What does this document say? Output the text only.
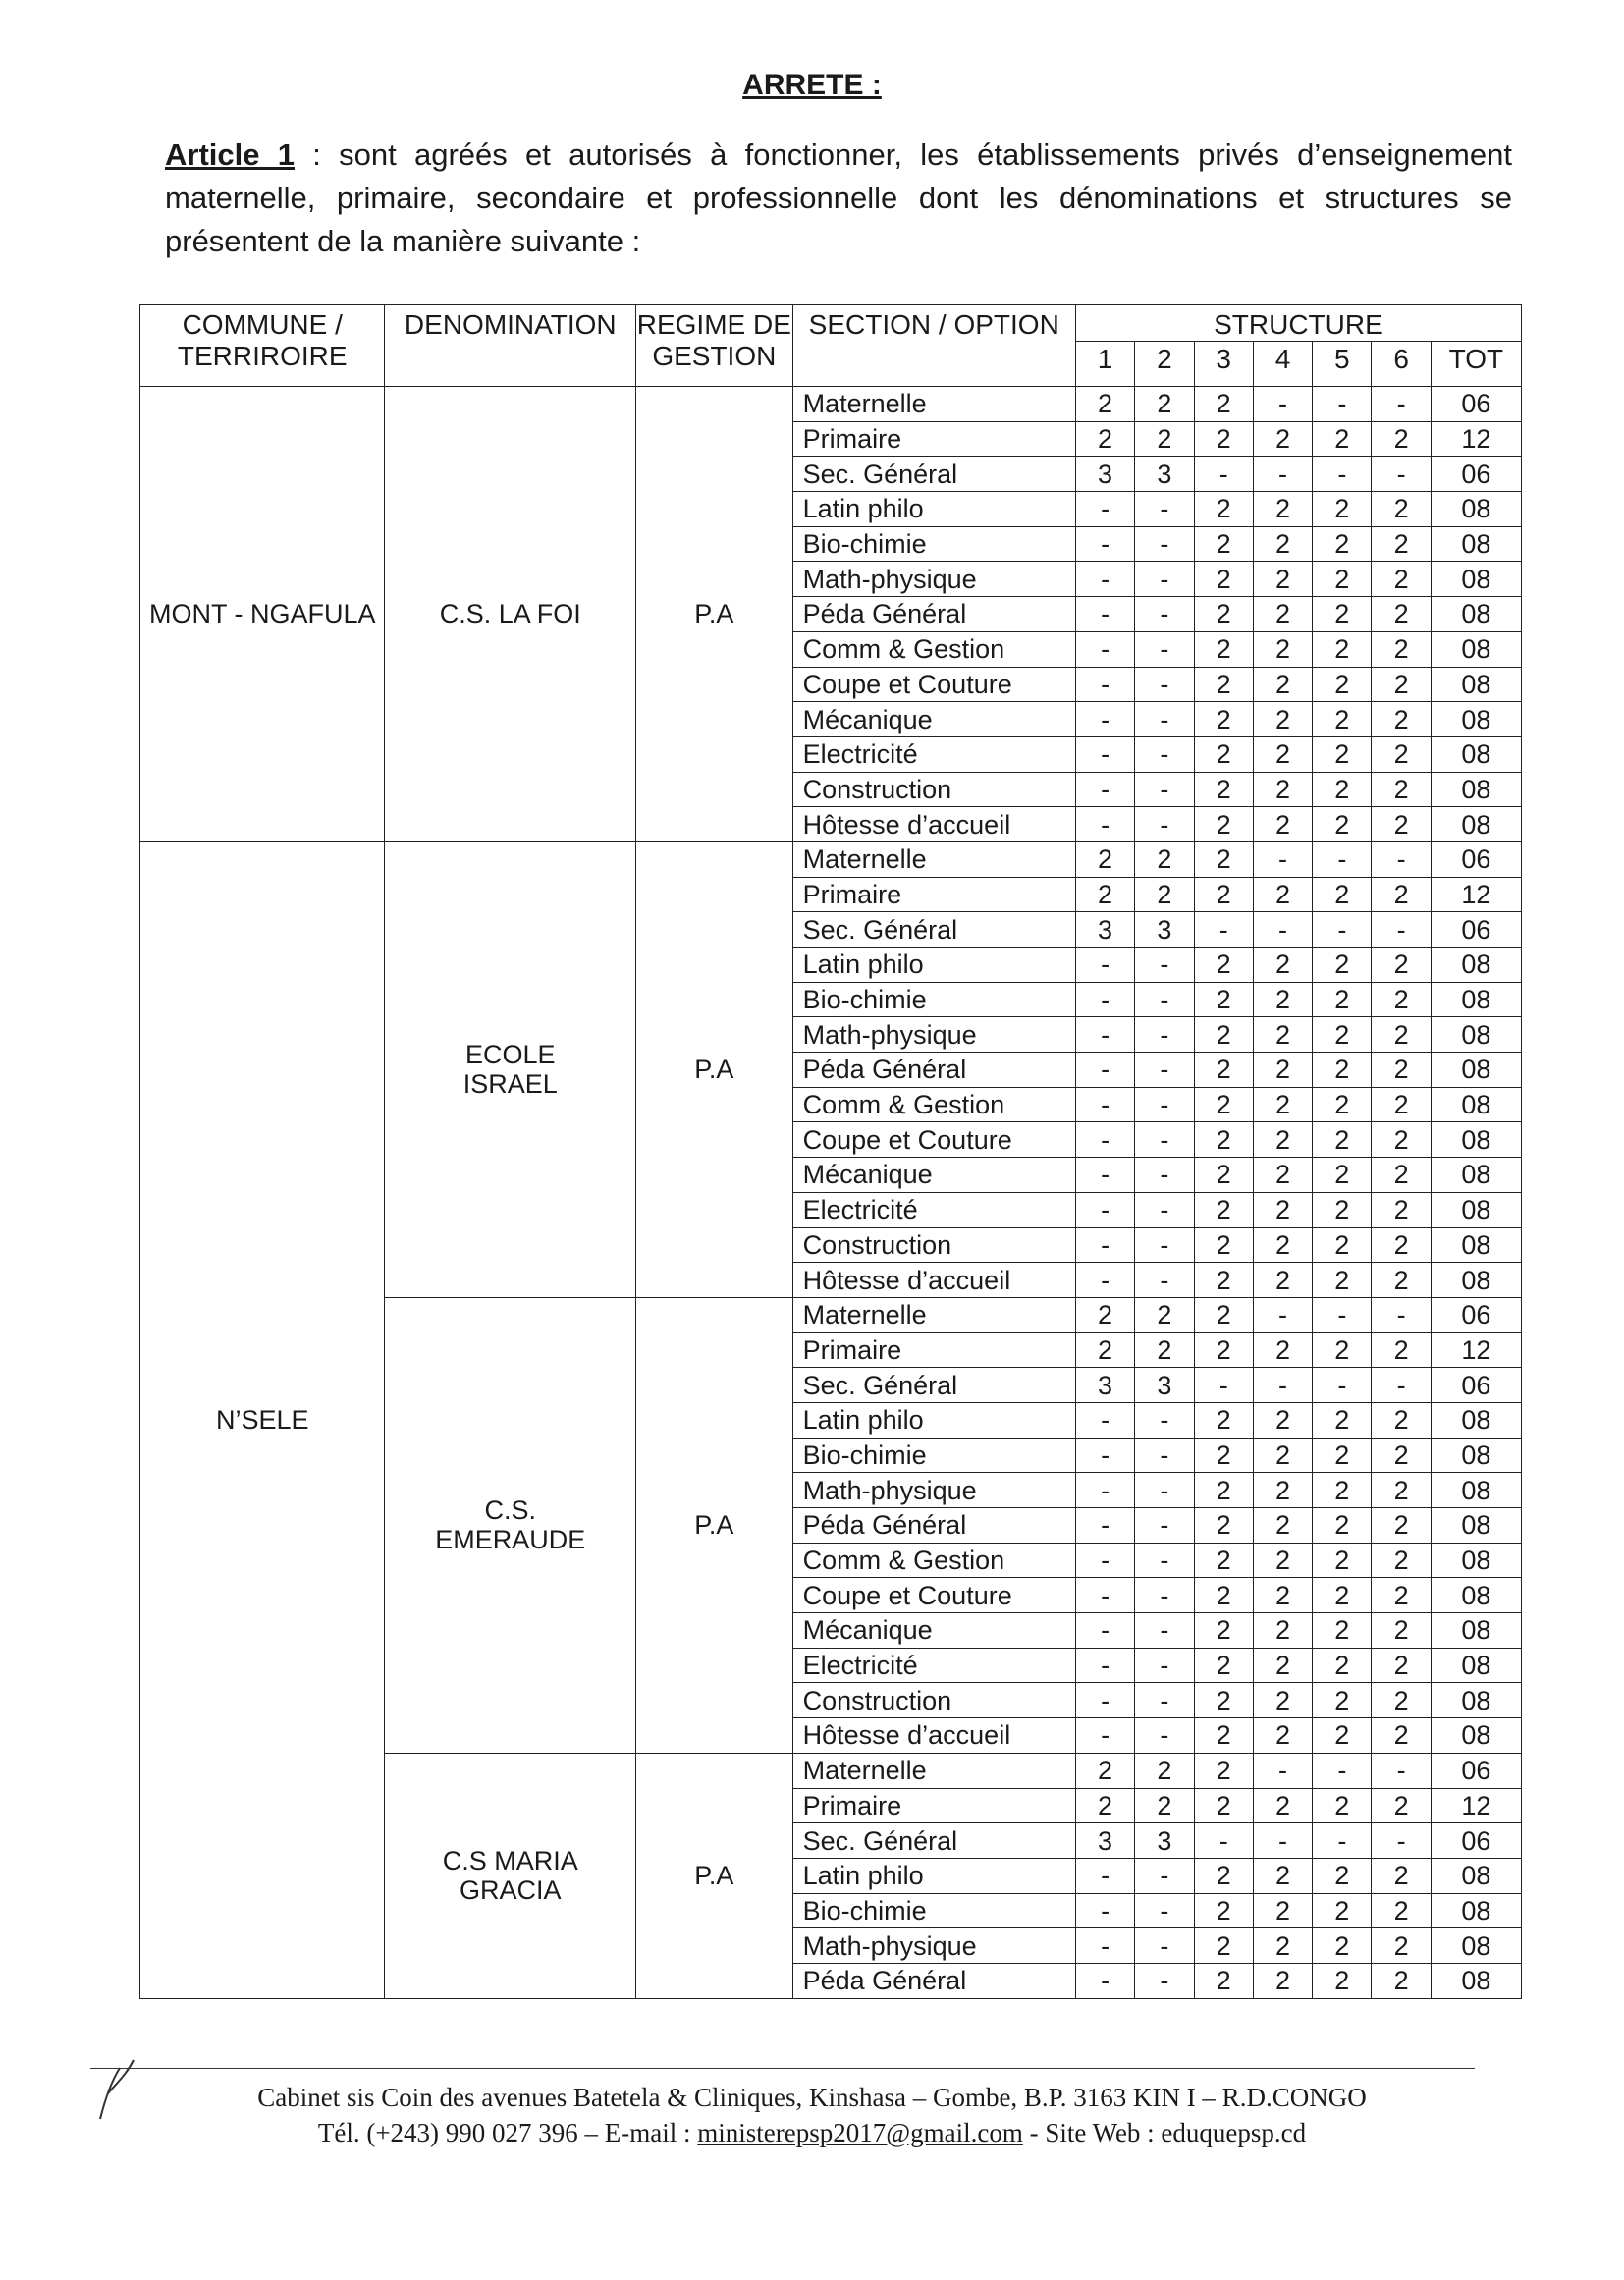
ARRETE :
Article 1 : sont agréés et autorisés à fonctionner, les établissements privés d’enseignement maternelle, primaire, secondaire et professionnelle dont les dénominations et structures se présentent de la manière suivante :
COMMUNE / TERRIROIRE	DENOMINATION	REGIME DE GESTION	SECTION / OPTION	STRUCTURE						
				1	2	3	4	5	6	TOT
MONT - NGAFULA	C.S. LA FOI	P.A	Maternelle	2	2	2	-	-	-	06
			Primaire	2	2	2	2	2	2	12
			Sec. Général	3	3	-	-	-	-	06
			Latin philo	-	-	2	2	2	2	08
			Bio-chimie	-	-	2	2	2	2	08
			Math-physique	-	-	2	2	2	2	08
			Péda Général	-	-	2	2	2	2	08
			Comm & Gestion	-	-	2	2	2	2	08
			Coupe et Couture	-	-	2	2	2	2	08
			Mécanique	-	-	2	2	2	2	08
			Electricité	-	-	2	2	2	2	08
			Construction	-	-	2	2	2	2	08
			Hôtesse d’accueil	-	-	2	2	2	2	08
N’SELE	ECOLE ISRAEL	P.A	Maternelle	2	2	2	-	-	-	06
			Primaire	2	2	2	2	2	2	12
			Sec. Général	3	3	-	-	-	-	06
			Latin philo	-	-	2	2	2	2	08
			Bio-chimie	-	-	2	2	2	2	08
			Math-physique	-	-	2	2	2	2	08
			Péda Général	-	-	2	2	2	2	08
			Comm & Gestion	-	-	2	2	2	2	08
			Coupe et Couture	-	-	2	2	2	2	08
			Mécanique	-	-	2	2	2	2	08
			Electricité	-	-	2	2	2	2	08
			Construction	-	-	2	2	2	2	08
			Hôtesse d’accueil	-	-	2	2	2	2	08
	C.S. EMERAUDE	P.A	Maternelle	2	2	2	-	-	-	06
			Primaire	2	2	2	2	2	2	12
			Sec. Général	3	3	-	-	-	-	06
			Latin philo	-	-	2	2	2	2	08
			Bio-chimie	-	-	2	2	2	2	08
			Math-physique	-	-	2	2	2	2	08
			Péda Général	-	-	2	2	2	2	08
			Comm & Gestion	-	-	2	2	2	2	08
			Coupe et Couture	-	-	2	2	2	2	08
			Mécanique	-	-	2	2	2	2	08
			Electricité	-	-	2	2	2	2	08
			Construction	-	-	2	2	2	2	08
			Hôtesse d’accueil	-	-	2	2	2	2	08
	C.S MARIA GRACIA	P.A	Maternelle	2	2	2	-	-	-	06
			Primaire	2	2	2	2	2	2	12
			Sec. Général	3	3	-	-	-	-	06
			Latin philo	-	-	2	2	2	2	08
			Bio-chimie	-	-	2	2	2	2	08
			Math-physique	-	-	2	2	2	2	08
			Péda Général	-	-	2	2	2	2	08
Cabinet sis Coin des avenues Batetela & Cliniques, Kinshasa – Gombe, B.P. 3163 KIN I – R.D.CONGO
Tél. (+243) 990 027 396 – E-mail : ministerepsp2017@gmail.com - Site Web : eduquepsp.cd
